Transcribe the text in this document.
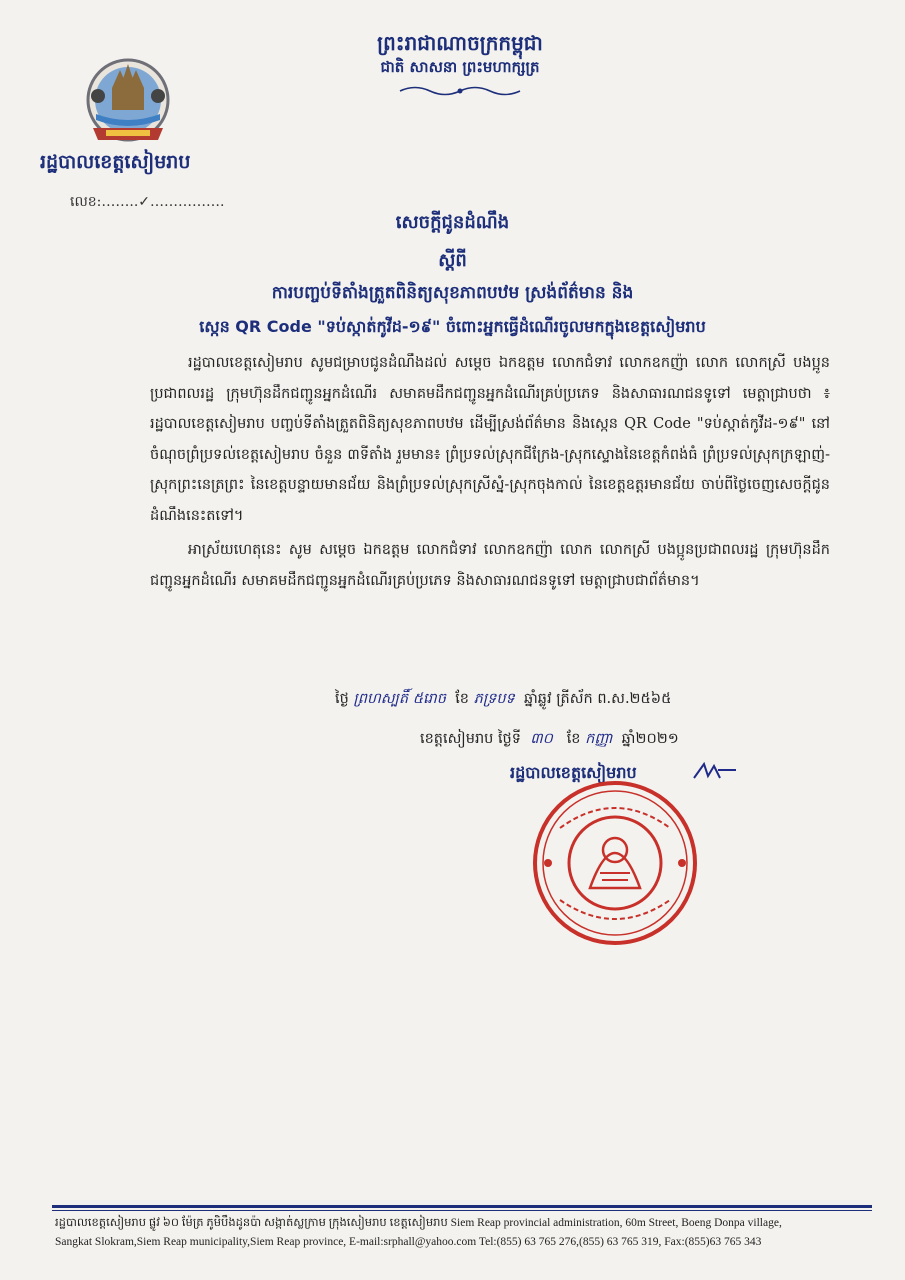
ព្រះរាជាណាចក្រកម្ពុជា
ជាតិ សាសនា ព្រះមហាក្សត្រ
រដ្ឋបាលខេត្តសៀមរាប
លេខ:……..✓…………….
សេចក្តីជូនដំណឹង
ស្តីពី
ការបញ្ចប់ទីតាំងត្រួតពិនិត្យសុខភាពបឋម ស្រង់ព័ត៌មាន និង
ស្កេន QR Code "ទប់ស្កាត់កូវីដ-១៩" ចំពោះអ្នកធ្វើដំណើរចូលមកក្នុងខេត្តសៀមរាប

រដ្ឋបាលខេត្តសៀមរាប សូមជម្រាបជូនដំណឹងដល់ សម្តេច ឯកឧត្តម លោកជំទាវ លោកឧកញ៉ា លោក លោកស្រី បងប្អូនប្រជាពលរដ្ឋ ក្រុមហ៊ុនដឹកជញ្ជូនអ្នកដំណើរ សមាគមដឹកជញ្ជូនអ្នកដំណើរគ្រប់ប្រភេទ និងសាធារណជនទូទៅ មេត្តាជ្រាបថា ៖ រដ្ឋបាលខេត្តសៀមរាប បញ្ចប់ទីតាំងត្រួតពិនិត្យសុខភាពបឋម ដើម្បីស្រង់ព័ត៌មាន និងស្កេន QR Code "ទប់ស្កាត់កូវីដ-១៩" នៅចំណុចព្រំប្រទល់ខេត្តសៀមរាប ចំនួន ៣ទីតាំង រួមមាន៖ ព្រំប្រទល់ស្រុកជីក្រែង-ស្រុកស្ទោងនៃខេត្តកំពង់ធំ ព្រំប្រទល់ស្រុកក្រឡាញ់-ស្រុកព្រះនេត្រព្រះ នៃខេត្តបន្ទាយមានជ័យ និងព្រំប្រទល់ស្រុកស្រីស្នំ-ស្រុកចុងកាល់ នៃខេត្តឧត្តរមានជ័យ ចាប់ពីថ្ងៃចេញសេចក្តីជូនដំណឹងនេះតទៅ។

អាស្រ័យហេតុនេះ សូម សម្តេច ឯកឧត្តម លោកជំទាវ លោកឧកញ៉ា លោក លោកស្រី បងប្អូនប្រជាពលរដ្ឋ ក្រុមហ៊ុនដឹកជញ្ជូនអ្នកដំណើរ សមាគមដឹកជញ្ជូនអ្នកដំណើរគ្រប់ប្រភេទ និងសាធារណជនទូទៅ មេត្តាជ្រាបជាព័ត៌មាន។

ថ្ងៃ ព្រហស្បតិ៍ ៥រោច ខែ ភទ្របទ ឆ្នាំឆ្លូវ ត្រីស័ក ព.ស.២៥៦៥
ខេត្តសៀមរាប ថ្ងៃទី ៣០ ខែ កញ្ញា ឆ្នាំ២០២១
រដ្ឋបាលខេត្តសៀមរាប
រដ្ឋបាលខេត្តសៀមរាប ផ្លូវ ៦០ ម៉ែត្រ ភូមិបឹងដូនប៉ា សង្កាត់ស្លក្រាម ក្រុងសៀមរាប ខេត្តសៀមរាប Siem Reap provincial administration, 60m Street, Boeng Donpa village,
Sangkat Slokram,Siem Reap municipality,Siem Reap province, E-mail:srphall@yahoo.com Tel:(855) 63 765 276,(855) 63 765 319, Fax:(855)63 765 343
